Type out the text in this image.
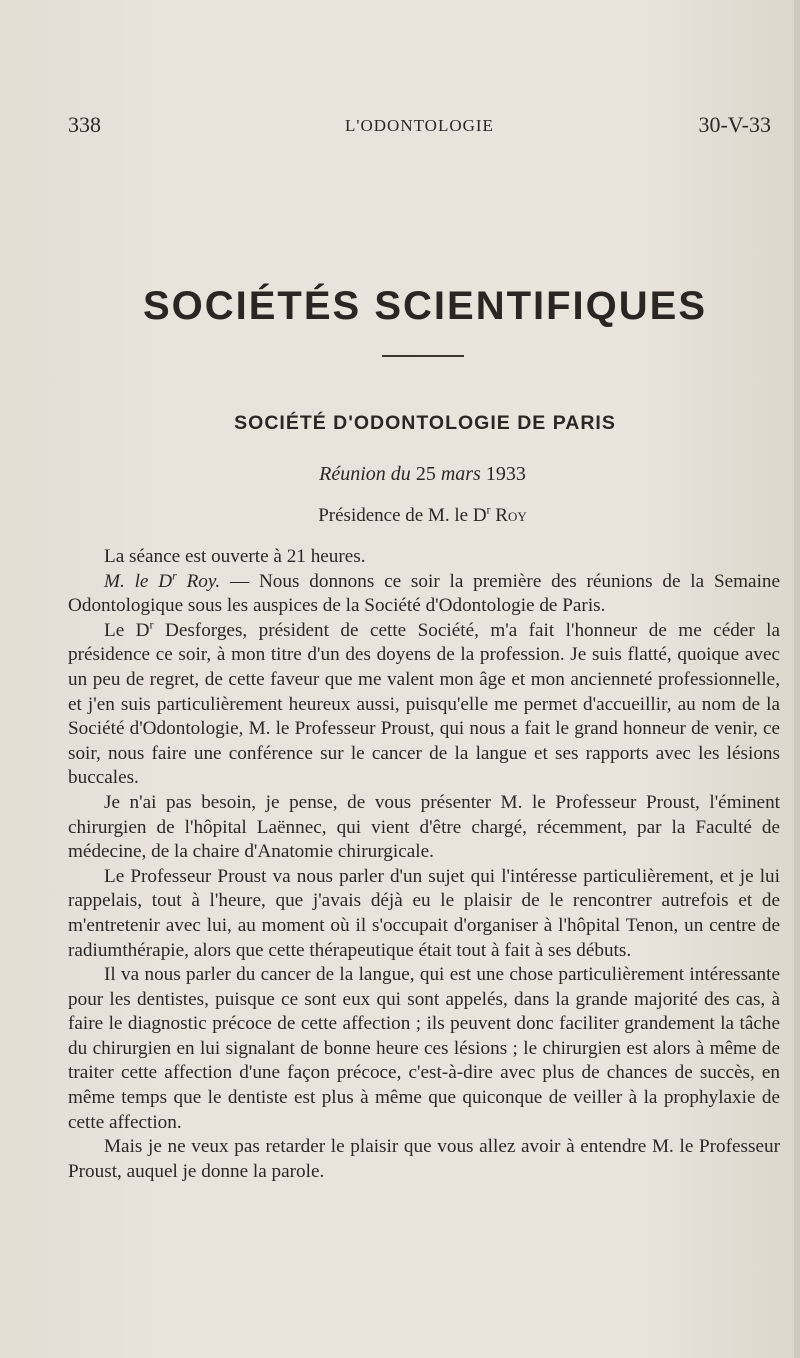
338	L'ODONTOLOGIE	30-V-33
SOCIÉTÉS SCIENTIFIQUES
SOCIÉTÉ D'ODONTOLOGIE DE PARIS
Réunion du 25 mars 1933
Présidence de M. le $D^r$ Roy

La séance est ouverte à 21 heures.

M. le $D^r$ Roy. — Nous donnons ce soir la première des réunions de la Semaine Odontologique sous les auspices de la Société d'Odontologie de Paris.

Le $D^r$ Desforges, président de cette Société, m'a fait l'honneur de me céder la présidence ce soir, à mon titre d'un des doyens de la profession. Je suis flatté, quoique avec un peu de regret, de cette faveur que me valent mon âge et mon ancienneté professionnelle, et j'en suis particulièrement heureux aussi, puisqu'elle me permet d'accueillir, au nom de la Société d'Odontologie, M. le Professeur Proust, qui nous a fait le grand honneur de venir, ce soir, nous faire une conférence sur le cancer de la langue et ses rapports avec les lésions buccales.

Je n'ai pas besoin, je pense, de vous présenter M. le Professeur Proust, l'éminent chirurgien de l'hôpital Laënnec, qui vient d'être chargé, récemment, par la Faculté de médecine, de la chaire d'Anatomie chirurgicale.

Le Professeur Proust va nous parler d'un sujet qui l'intéresse particulièrement, et je lui rappelais, tout à l'heure, que j'avais déjà eu le plaisir de le rencontrer autrefois et de m'entretenir avec lui, au moment où il s'occupait d'organiser à l'hôpital Tenon, un centre de radiumthérapie, alors que cette thérapeutique était tout à fait à ses débuts.

Il va nous parler du cancer de la langue, qui est une chose particulièrement intéressante pour les dentistes, puisque ce sont eux qui sont appelés, dans la grande majorité des cas, à faire le diagnostic précoce de cette affection ; ils peuvent donc faciliter grandement la tâche du chirurgien en lui signalant de bonne heure ces lésions ; le chirurgien est alors à même de traiter cette affection d'une façon précoce, c'est-à-dire avec plus de chances de succès, en même temps que le dentiste est plus à même que quiconque de veiller à la prophylaxie de cette affection.

Mais je ne veux pas retarder le plaisir que vous allez avoir à entendre M. le Professeur Proust, auquel je donne la parole.
